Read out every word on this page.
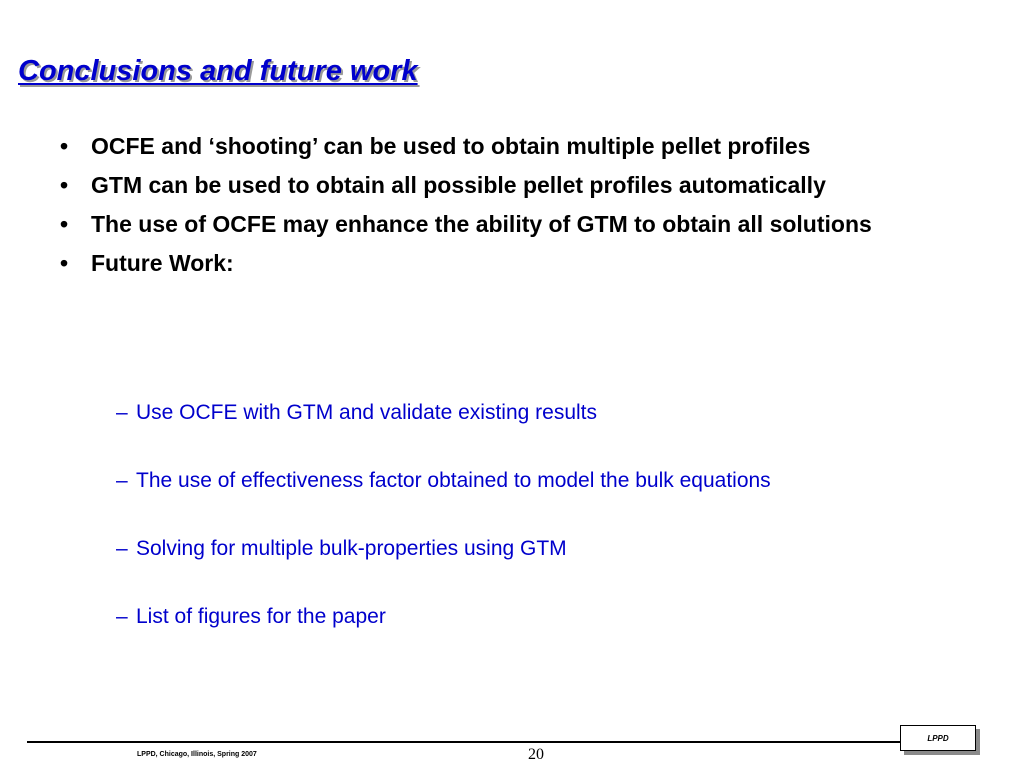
Conclusions and future work
• OCFE and ‘shooting’ can be used to obtain multiple pellet profiles
• GTM can be used to obtain all possible pellet profiles automatically
• The use of OCFE may enhance the ability of GTM to obtain all solutions
• Future Work:
– Use OCFE with GTM and validate existing results
– The use of effectiveness factor obtained to model the bulk equations
– Solving for multiple bulk-properties using GTM
– List of figures for the paper
LPPD, Chicago, Illinois, Spring 2007	20
LPPD
